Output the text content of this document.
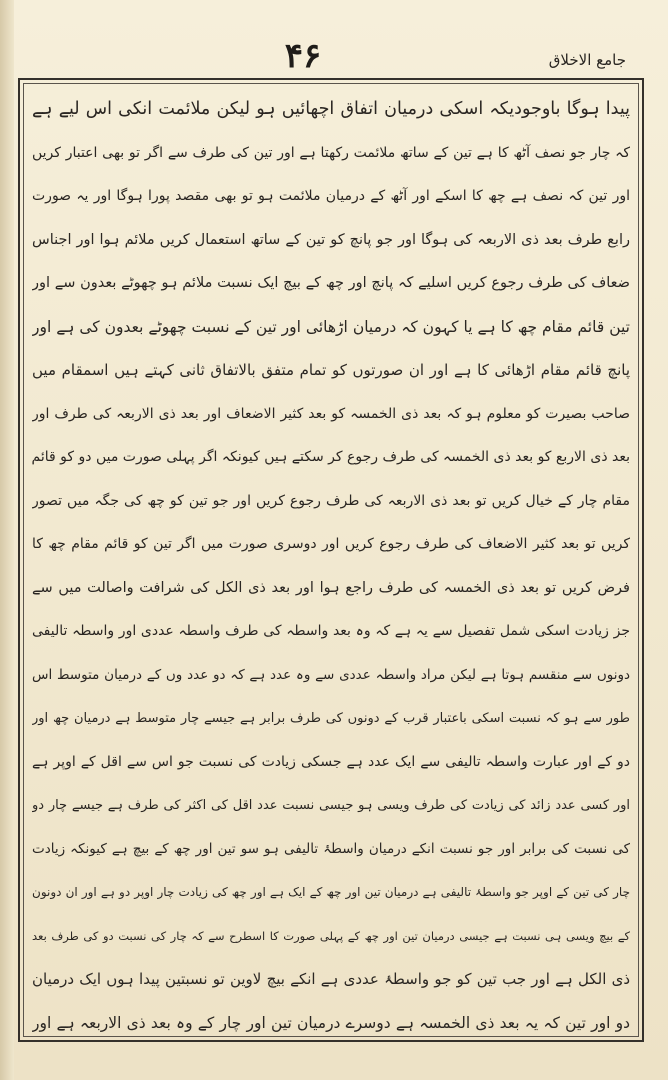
۴۶	جامع الاخلاق
پیدا ہوگا باوجودیکہ اسکی درمیان اتفاق اچھائیں ہو لیکن ملائمت انکی اس لیے ہے
کہ چار جو نصف آٹھ کا ہے تین کے ساتھ ملائمت رکھتا ہے اور تین کی طرف سے اگر تو بھی اعتبار کریں
اور تین کہ نصف ہے چھ کا اسکے اور آٹھ کے درمیان ملائمت ہو تو بھی مقصد پورا ہوگا اور یہ صورت
رابع طرف بعد ذی الاربعہ کی ہوگا اور جو پانچ کو تین کے ساتھ استعمال کریں ملائم ہوا اور اجناس
ضعاف کی طرف رجوع کریں اسلیے کہ پانچ اور چھ کے بیچ ایک نسبت ملائم ہو چھوٹے بعدون سے اور
تین قائم مقام چھ کا ہے یا کہون کہ درمیان اڑھائی اور تین کے نسبت چھوٹے بعدون کی ہے اور
پانچ قائم مقام اڑھائی کا ہے اور ان صورتوں کو تمام متفق بالاتفاق ثانی کہتے ہیں اسمقام میں
صاحب بصیرت کو معلوم ہو کہ بعد ذی الخمسہ کو بعد کثیر الاضعاف اور بعد ذی الاربعہ کی طرف اور
بعد ذی الاربع کو بعد ذی الخمسہ کی طرف رجوع کر سکتے ہیں کیونکہ اگر پہلی صورت میں دو کو قائم
مقام چار کے خیال کریں تو بعد ذی الاربعہ کی طرف رجوع کریں اور جو تین کو چھ کی جگہ میں تصور
کریں تو بعد کثیر الاضعاف کی طرف رجوع کریں اور دوسری صورت میں اگر تین کو قائم مقام چھ کا
فرض کریں تو بعد ذی الخمسہ کی طرف راجع ہوا اور بعد ذی الکل کی شرافت واصالت میں سے
جز زیادت اسکی شمل تفصیل سے یہ ہے کہ وہ بعد واسطہ کی طرف واسطہ عددی اور واسطہ تالیفی
دونوں سے منقسم ہوتا ہے لیکن مراد واسطہ عددی سے وہ عدد ہے کہ دو عدد وں کے درمیان متوسط اس
طور سے ہو کہ نسبت اسکی باعتبار قرب کے دونوں کی طرف برابر ہے جیسے چار متوسط ہے درمیان چھ اور
دو کے اور عبارت واسطہ تالیفی سے ایک عدد ہے جسکی زیادت کی نسبت جو اس سے اقل کے اوپر ہے
اور کسی عدد زائد کی زیادت کی طرف ویسی ہو جیسی نسبت عدد اقل کی اکثر کی طرف ہے جیسے چار دو
کی نسبت کی برابر اور جو نسبت انکے درمیان واسطۂ تالیفی ہو سو تین اور چھ کے بیچ ہے کیونکہ زیادت
چار کی تین کے اوپر جو واسطۂ تالیفی ہے درمیان تین اور چھ کے ایک ہے اور چھ کی زیادت چار اوپر دو ہے اور ان دونون
کے بیچ ویسی ہی نسبت ہے جیسی درمیان تین اور چھ کے پہلی صورت کا اسطرح سے کہ چار کی نسبت دو کی طرف بعد
ذی الکل ہے اور جب تین کو جو واسطۂ عددی ہے انکے بیچ لاوین تو نسبتین پیدا ہوں ایک درمیان
دو اور تین کہ یہ بعد ذی الخمسہ ہے دوسرے درمیان تین اور چار کے وہ بعد ذی الاربعہ ہے اور
